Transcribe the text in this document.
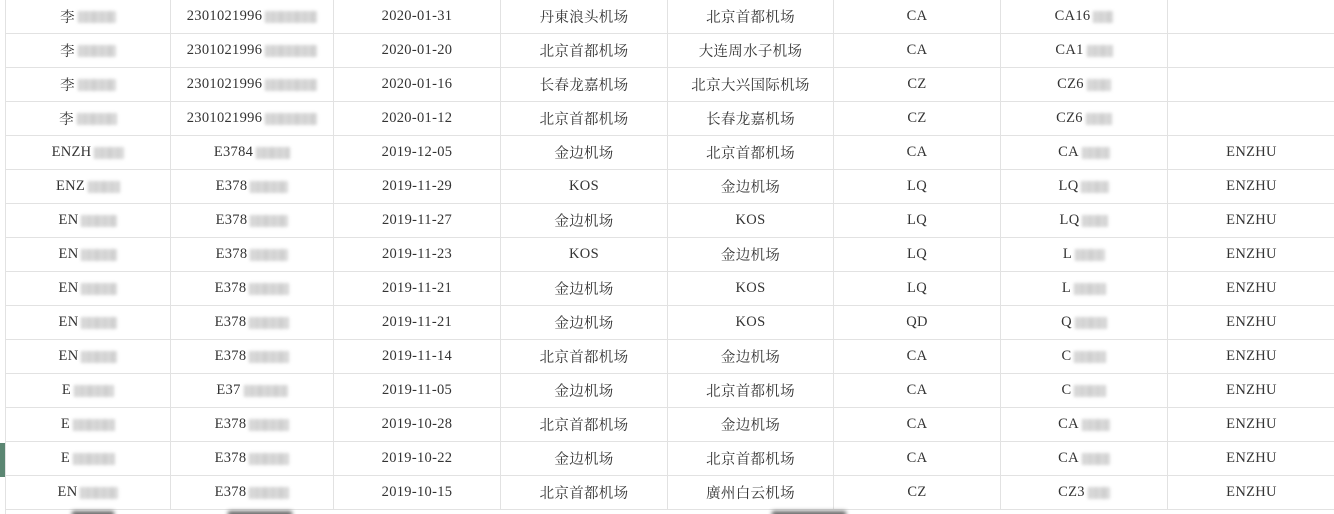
李	2301021996	2020-01-31	丹東浪头机场	北京首都机场	CA	CA16
李	2301021996	2020-01-20	北京首都机场	大连周水子机场	CA	CA1
李	2301021996	2020-01-16	长春龙嘉机场	北京大兴国际机场	CZ	CZ6
李	2301021996	2020-01-12	北京首都机场	长春龙嘉机场	CZ	CZ6
ENZH	E3784	2019-12-05	金边机场	北京首都机场	CA	CA	ENZHU
ENZ	E378	2019-11-29	KOS	金边机场	LQ	LQ	ENZHU
EN	E378	2019-11-27	金边机场	KOS	LQ	LQ	ENZHU
EN	E378	2019-11-23	KOS	金边机场	LQ	L	ENZHU
EN	E378	2019-11-21	金边机场	KOS	LQ	L	ENZHU
EN	E378	2019-11-21	金边机场	KOS	QD	Q	ENZHU
EN	E378	2019-11-14	北京首都机场	金边机场	CA	C	ENZHU
E	E37	2019-11-05	金边机场	北京首都机场	CA	C	ENZHU
E	E378	2019-10-28	北京首都机场	金边机场	CA	CA	ENZHU
E	E378	2019-10-22	金边机场	北京首都机场	CA	CA	ENZHU
EN	E378	2019-10-15	北京首都机场	廣州白云机场	CZ	CZ3	ENZHU
